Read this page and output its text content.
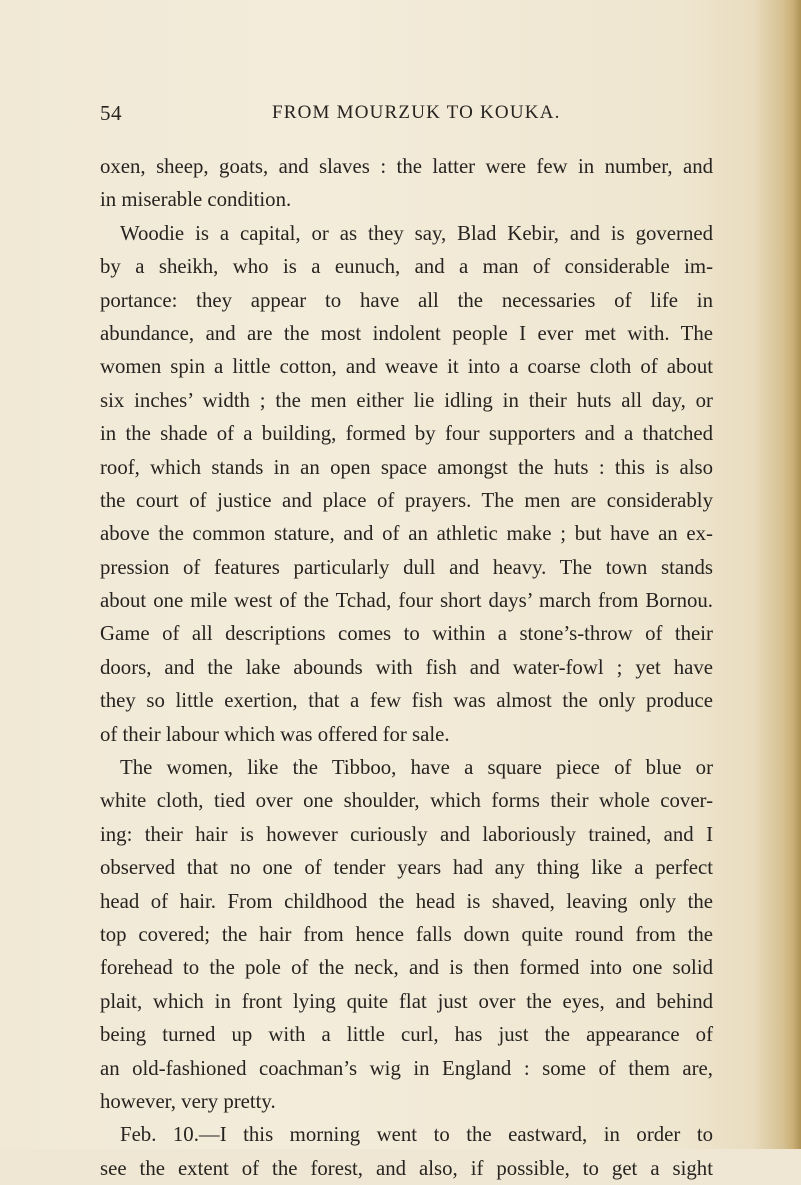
54	FROM MOURZUK TO KOUKA.
oxen, sheep, goats, and slaves : the latter were few in number, and
in miserable condition.
Woodie is a capital, or as they say, Blad Kebir, and is governed
by a sheikh, who is a eunuch, and a man of considerable im-
portance: they appear to have all the necessaries of life in
abundance, and are the most indolent people I ever met with. The
women spin a little cotton, and weave it into a coarse cloth of about
six inches’ width ; the men either lie idling in their huts all day, or
in the shade of a building, formed by four supporters and a thatched
roof, which stands in an open space amongst the huts : this is also
the court of justice and place of prayers. The men are considerably
above the common stature, and of an athletic make ; but have an ex-
pression of features particularly dull and heavy. The town stands
about one mile west of the Tchad, four short days’ march from Bornou.
Game of all descriptions comes to within a stone’s-throw of their
doors, and the lake abounds with fish and water-fowl ; yet have
they so little exertion, that a few fish was almost the only produce
of their labour which was offered for sale.
The women, like the Tibboo, have a square piece of blue or
white cloth, tied over one shoulder, which forms their whole cover-
ing: their hair is however curiously and laboriously trained, and I
observed that no one of tender years had any thing like a perfect
head of hair. From childhood the head is shaved, leaving only the
top covered; the hair from hence falls down quite round from the
forehead to the pole of the neck, and is then formed into one solid
plait, which in front lying quite flat just over the eyes, and behind
being turned up with a little curl, has just the appearance of
an old-fashioned coachman’s wig in England : some of them are,
however, very pretty.
Feb. 10.—I this morning went to the eastward, in order to
see the extent of the forest, and also, if possible, to get a sight
